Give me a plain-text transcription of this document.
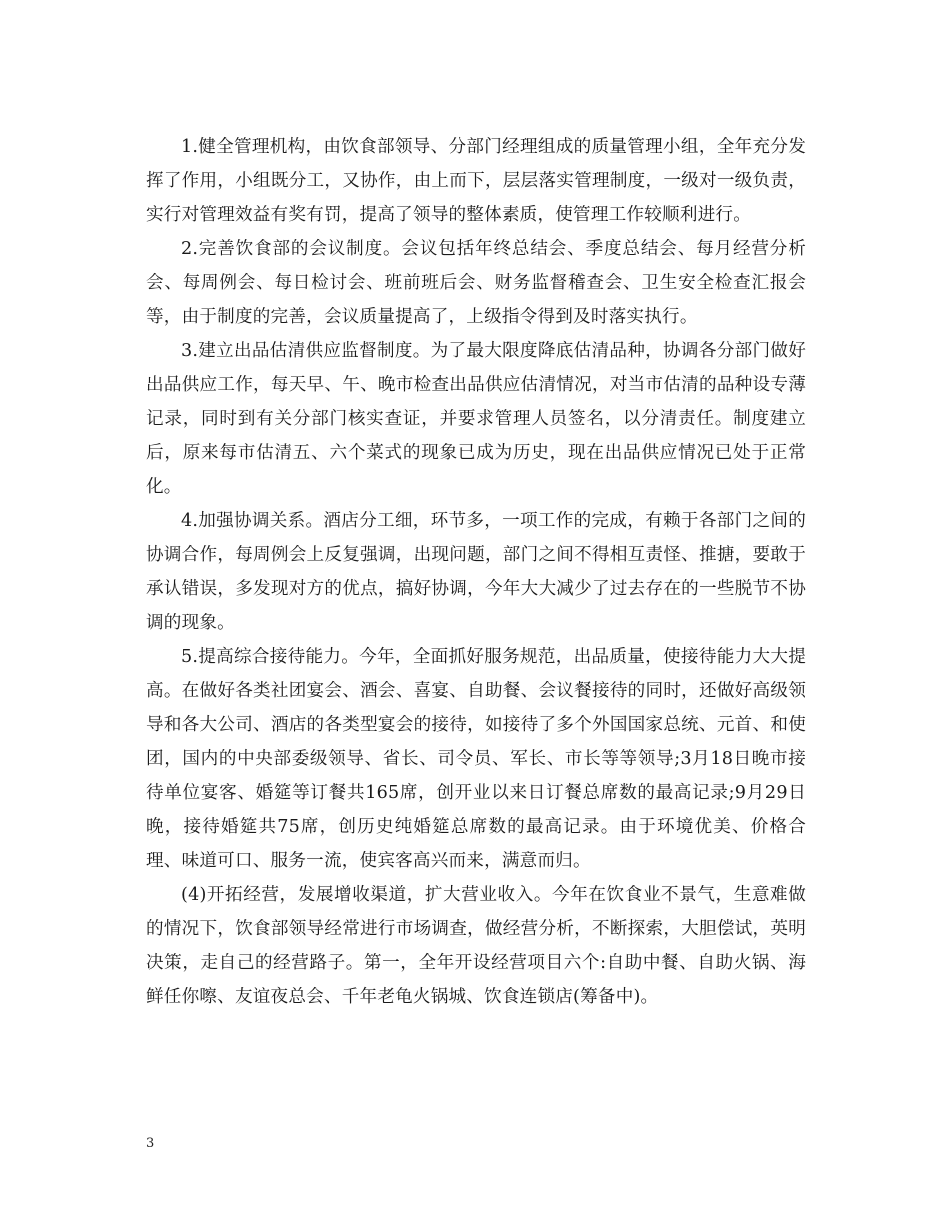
1.健全管理机构，由饮食部领导、分部门经理组成的质量管理小组，全年充分发挥了作用，小组既分工，又协作，由上而下，层层落实管理制度，一级对一级负责，实行对管理效益有奖有罚，提高了领导的整体素质，使管理工作较顺利进行。

2.完善饮食部的会议制度。会议包括年终总结会、季度总结会、每月经营分析会、每周例会、每日检讨会、班前班后会、财务监督稽查会、卫生安全检查汇报会等，由于制度的完善，会议质量提高了，上级指令得到及时落实执行。

3.建立出品估清供应监督制度。为了最大限度降底估清品种，协调各分部门做好出品供应工作，每天早、午、晚市检查出品供应估清情况，对当市估清的品种设专薄记录，同时到有关分部门核实查证，并要求管理人员签名，以分清责任。制度建立后，原来每市估清五、六个菜式的现象已成为历史，现在出品供应情况已处于正常化。

4.加强协调关系。酒店分工细，环节多，一项工作的完成，有赖于各部门之间的协调合作，每周例会上反复强调，出现问题，部门之间不得相互责怪、推搪，要敢于承认错误，多发现对方的优点，搞好协调，今年大大减少了过去存在的一些脱节不协调的现象。

5.提高综合接待能力。今年，全面抓好服务规范，出品质量，使接待能力大大提高。在做好各类社团宴会、酒会、喜宴、自助餐、会议餐接待的同时，还做好高级领导和各大公司、酒店的各类型宴会的接待，如接待了多个外国国家总统、元首、和使团，国内的中央部委级领导、省长、司令员、军长、市长等等领导;3月18日晚市接待单位宴客、婚筵等订餐共165席，创开业以来日订餐总席数的最高记录;9月29日晚，接待婚筵共75席，创历史纯婚筵总席数的最高记录。由于环境优美、价格合理、味道可口、服务一流，使宾客高兴而来，满意而归。

(4)开拓经营，发展增收渠道，扩大营业收入。今年在饮食业不景气，生意难做的情况下，饮食部领导经常进行市场调查，做经营分析，不断探索，大胆偿试，英明决策，走自己的经营路子。第一，全年开设经营项目六个:自助中餐、自助火锅、海鲜任你嚓、友谊夜总会、千年老龟火锅城、饮食连锁店(筹备中)。

3
